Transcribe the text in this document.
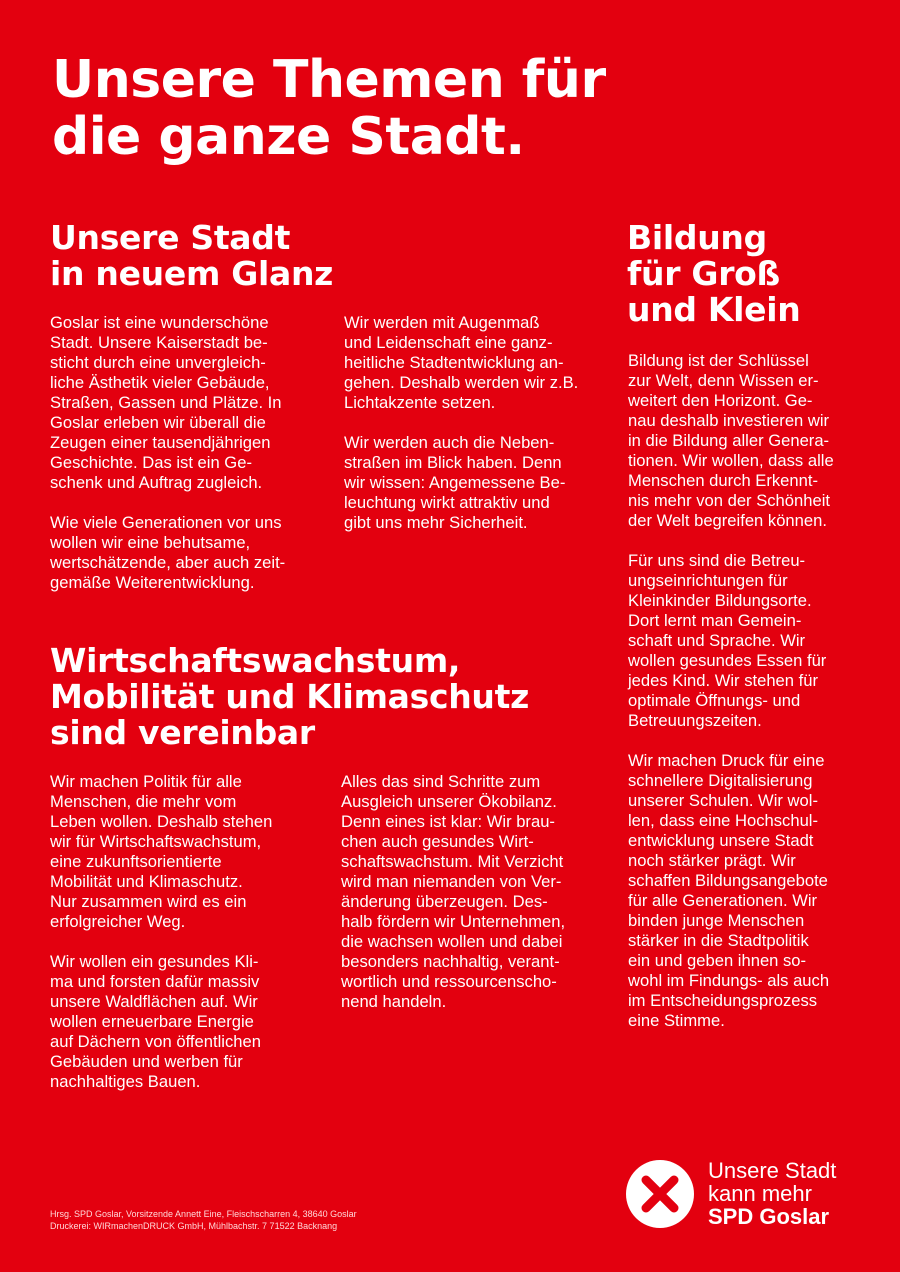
Unsere Themen für
die ganze Stadt.
Unsere Stadt
in neuem Glanz

Goslar ist eine wunderschöne
Stadt. Unsere Kaiserstadt be-
sticht durch eine unvergleich-
liche Ästhetik vieler Gebäude,
Straßen, Gassen und Plätze. In
Goslar erleben wir überall die
Zeugen einer tausendjährigen
Geschichte. Das ist ein Ge-
schenk und Auftrag zugleich.

Wie viele Generationen vor uns
wollen wir eine behutsame,
wertschätzende, aber auch zeit-
gemäße Weiterentwicklung.

Wir werden mit Augenmaß
und Leidenschaft eine ganz-
heitliche Stadtentwicklung an-
gehen. Deshalb werden wir z.B.
Lichtakzente setzen.

Wir werden auch die Neben-
straßen im Blick haben. Denn
wir wissen: Angemessene Be-
leuchtung wirkt attraktiv und
gibt uns mehr Sicherheit.

Wirtschaftswachstum,
Mobilität und Klimaschutz
sind vereinbar

Wir machen Politik für alle
Menschen, die mehr vom
Leben wollen. Deshalb stehen
wir für Wirtschaftswachstum,
eine zukunftsorientierte
Mobilität und Klimaschutz.
Nur zusammen wird es ein
erfolgreicher Weg.

Wir wollen ein gesundes Kli-
ma und forsten dafür massiv
unsere Waldflächen auf. Wir
wollen erneuerbare Energie
auf Dächern von öffentlichen
Gebäuden und werben für
nachhaltiges Bauen.

Alles das sind Schritte zum
Ausgleich unserer Ökobilanz.
Denn eines ist klar: Wir brau-
chen auch gesundes Wirt-
schaftswachstum. Mit Verzicht
wird man niemanden von Ver-
änderung überzeugen. Des-
halb fördern wir Unternehmen,
die wachsen wollen und dabei
besonders nachhaltig, verant-
wortlich und ressourcenscho-
nend handeln.

Bildung
für Groß
und Klein

Bildung ist der Schlüssel
zur Welt, denn Wissen er-
weitert den Horizont. Ge-
nau deshalb investieren wir
in die Bildung aller Genera-
tionen. Wir wollen, dass alle
Menschen durch Erkennt-
nis mehr von der Schönheit
der Welt begreifen können.

Für uns sind die Betreu-
ungseinrichtungen für
Kleinkinder Bildungsorte.
Dort lernt man Gemein-
schaft und Sprache. Wir
wollen gesundes Essen für
jedes Kind. Wir stehen für
optimale Öffnungs- und
Betreuungszeiten.

Wir machen Druck für eine
schnellere Digitalisierung
unserer Schulen. Wir wol-
len, dass eine Hochschul-
entwicklung unsere Stadt
noch stärker prägt. Wir
schaffen Bildungsangebote
für alle Generationen. Wir
binden junge Menschen
stärker in die Stadtpolitik
ein und geben ihnen so-
wohl im Findungs- als auch
im Entscheidungsprozess
eine Stimme.

Hrsg. SPD Goslar, Vorsitzende Annett Eine, Fleischscharren 4, 38640 Goslar
Druckerei: WIRmachenDRUCK GmbH, Mühlbachstr. 7 71522 Backnang
Unsere Stadt
kann mehr
SPD Goslar
